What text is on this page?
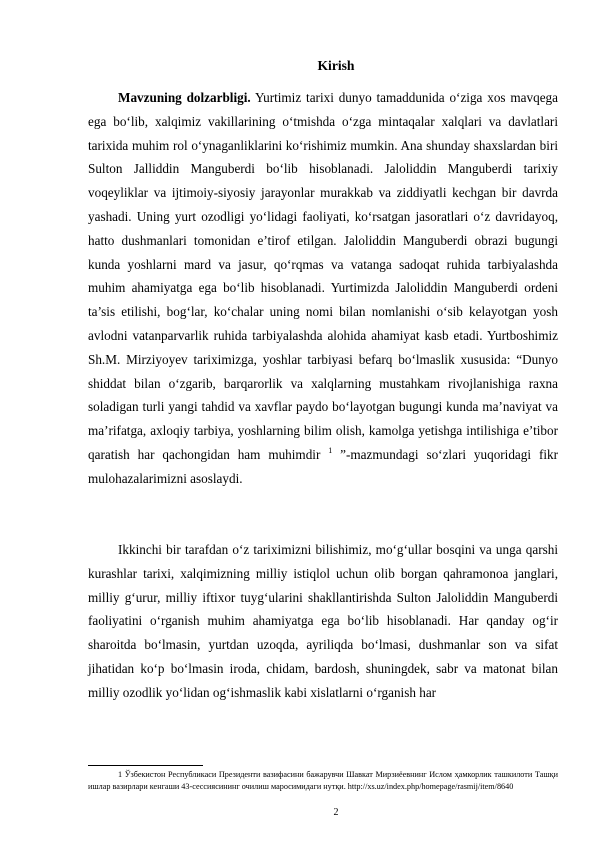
Kirish

Mavzuning dolzarbligi. Yurtimiz tarixi dunyo tamaddunida o‘ziga xos mavqega ega bo‘lib, xalqimiz vakillarining o‘tmishda o‘zga mintaqalar xalqlari va davlatlari tarixida muhim rol o‘ynaganliklarini ko‘rishimiz mumkin. Ana shunday shaxslardan biri Sulton Jalliddin Manguberdi bo‘lib hisoblanadi. Jaloliddin Manguberdi tarixiy voqeyliklar va ijtimoiy-siyosiy jarayonlar murakkab va ziddiyatli kechgan bir davrda yashadi. Uning yurt ozodligi yo‘lidagi faoliyati, ko‘rsatgan jasoratlari o‘z davridayoq, hatto dushmanlari tomonidan e’tirof etilgan. Jaloliddin Manguberdi obrazi bugungi kunda yoshlarni mard va jasur, qo‘rqmas va vatanga sadoqat ruhida tarbiyalashda muhim ahamiyatga ega bo‘lib hisoblanadi. Yurtimizda Jaloliddin Manguberdi ordeni ta’sis etilishi, bog‘lar, ko‘chalar uning nomi bilan nomlanishi o‘sib kelayotgan yosh avlodni vatanparvarlik ruhida tarbiyalashda alohida ahamiyat kasb etadi. Yurtboshimiz Sh.M. Mirziyoyev tariximizga, yoshlar tarbiyasi befarq bo‘lmaslik xususida: “Dunyo shiddat bilan o‘zgarib, barqarorlik va xalqlarning mustahkam rivojlanishiga raxna soladigan turli yangi tahdid va xavflar paydo bo‘layotgan bugungi kunda ma’naviyat va ma’rifatga, axloqiy tarbiya, yoshlarning bilim olish, kamolga yetishga intilishiga e’tibor qaratish har qachongidan ham muhimdir $^1$ ”-mazmundagi so‘zlari yuqoridagi fikr mulohazalarimizni asoslaydi.

Ikkinchi bir tarafdan o‘z tariximizni bilishimiz, mo‘g‘ullar bosqini va unga qarshi kurashlar tarixi, xalqimizning milliy istiqlol uchun olib borgan qahramonoa janglari, milliy g‘urur, milliy iftixor tuyg‘ularini shakllantirishda Sulton Jaloliddin Manguberdi faoliyatini o‘rganish muhim ahamiyatga ega bo‘lib hisoblanadi. Har qanday og‘ir sharoitda bo‘lmasin, yurtdan uzoqda, ayriliqda bo‘lmasi, dushmanlar son va sifat jihatidan ko‘p bo‘lmasin iroda, chidam, bardosh, shuningdek, sabr va matonat bilan milliy ozodlik yo‘lidan og‘ishmaslik kabi xislatlarni o‘rganish har

1 Ўзбекистон Республикаси Президенти вазифасини бажарувчи Шавкат Мирзиёевнинг Ислом ҳамкорлик ташкилоти Ташқи ишлар вазирлари кенгаши 43-сессиясининг очилиш маросимидаги нутқи. http://xs.uz/index.php/homepage/rasmij/item/8640

2
